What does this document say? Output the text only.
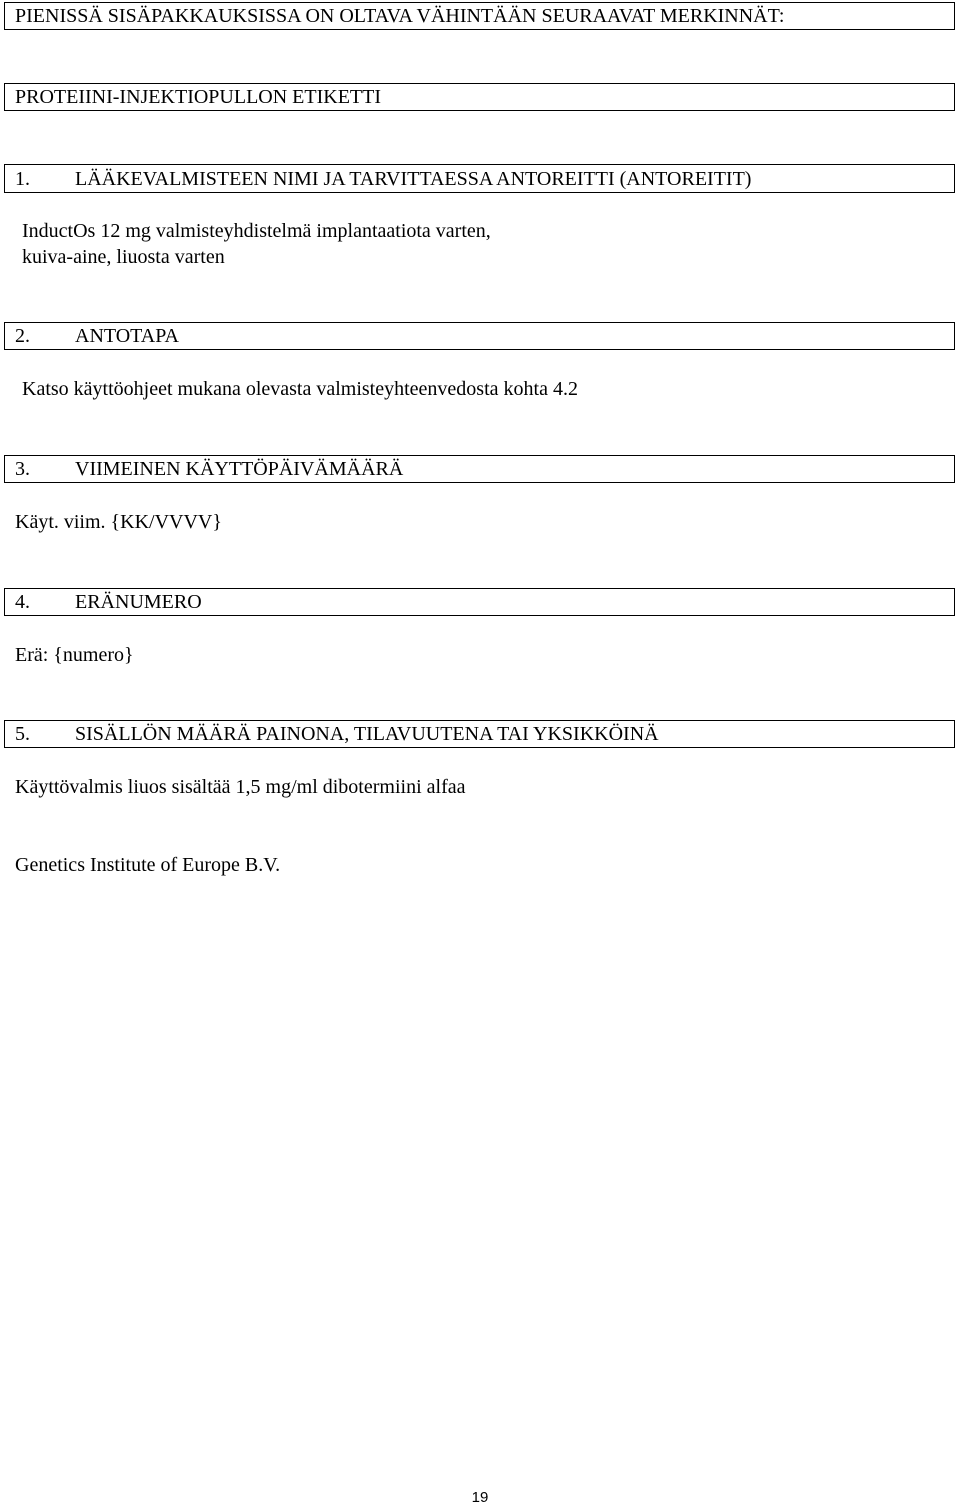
PIENISSÄ SISÄPAKKAUKSISSA ON OLTAVA VÄHINTÄÄN SEURAAVAT MERKINNÄT:
PROTEIINI-INJEKTIOPULLON ETIKETTI
1. LÄÄKEVALMISTEEN NIMI JA TARVITTAESSA ANTOREITTI (ANTOREITIT)
InductOs 12 mg valmisteyhdistelmä implantaatiota varten,
kuiva-aine, liuosta varten
2. ANTOTAPA
Katso käyttöohjeet mukana olevasta valmisteyhteenvedosta kohta 4.2
3. VIIMEINEN KÄYTTÖPÄIVÄMÄÄRÄ
Käyt. viim. {KK/VVVV}
4. ERÄNUMERO
Erä: {numero}
5. SISÄLLÖN MÄÄRÄ PAINONA, TILAVUUTENA TAI YKSIKKÖINÄ
Käyttövalmis liuos sisältää 1,5 mg/ml dibotermiini alfaa
Genetics Institute of Europe B.V.
19
